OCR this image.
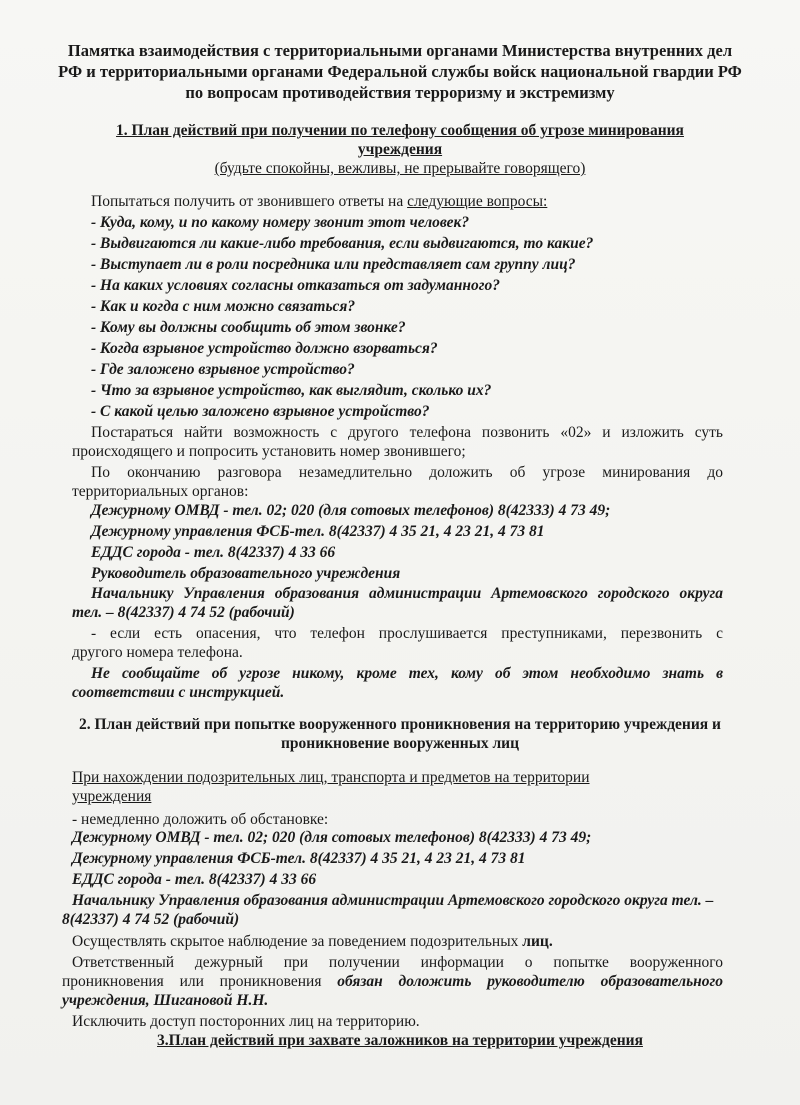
Памятка взаимодействия с территориальными органами Министерства внутренних дел РФ и территориальными органами Федеральной службы войск национальной гвардии РФ по вопросам противодействия терроризму и экстремизму
1. План действий при получении по телефону сообщения об угрозе минирования
учреждения
(будьте спокойны, вежливы, не прерывайте говорящего)
Попытаться получить от звонившего ответы на следующие вопросы:
- Куда, кому, и по какому номеру звонит этот человек?
- Выдвигаются ли какие-либо требования, если выдвигаются, то какие?
- Выступает ли в роли посредника или представляет сам группу лиц?
- На каких условиях согласны отказаться от задуманного?
- Как и когда с ним можно связаться?
- Кому вы должны сообщить об этом звонке?
- Когда взрывное устройство должно взорваться?
- Где заложено взрывное устройство?
- Что за взрывное устройство, как выглядит, сколько их?
- С какой целью заложено взрывное устройство?
Постараться найти возможность с другого телефона позвонить «02» и изложить суть
происходящего и попросить установить номер звонившего;
По окончанию разговора незамедлительно доложить об угрозе минирования до
территориальных органов:
Дежурному ОМВД - тел. 02; 020 (для сотовых телефонов) 8(42333) 4 73 49;
Дежурному управления ФСБ-тел. 8(42337) 4 35 21, 4 23 21, 4 73 81
ЕДДС города - тел. 8(42337) 4 33 66
Руководитель образовательного учреждения
Начальнику Управления образования администрации Артемовского городского округа
тел. – 8(42337) 4 74 52 (рабочий)
- если есть опасения, что телефон прослушивается преступниками, перезвонить с
другого номера телефона.
Не сообщайте об угрозе никому, кроме тех, кому об этом необходимо знать в
соответствии с инструкцией.
2. План действий при попытке вооруженного проникновения на территорию учреждения и
проникновение вооруженных лиц
При нахождении подозрительных лиц, транспорта и предметов на территории
учреждения
- немедленно доложить об обстановке:
Дежурному ОМВД - тел. 02; 020 (для сотовых телефонов) 8(42333) 4 73 49;
Дежурному управления ФСБ-тел. 8(42337) 4 35 21, 4 23 21, 4 73 81
ЕДДС города - тел. 8(42337) 4 33 66
Начальнику Управления образования администрации Артемовского городского округа тел. –
8(42337) 4 74 52 (рабочий)
Осуществлять скрытое наблюдение за поведением подозрительных лиц.
Ответственный дежурный при получении информации о попытке вооруженного
проникновения или проникновения обязан доложить руководителю образовательного
учреждения, Шигановой Н.Н.
Исключить доступ посторонних лиц на территорию.
3.План действий при захвате заложников на территории учреждения
